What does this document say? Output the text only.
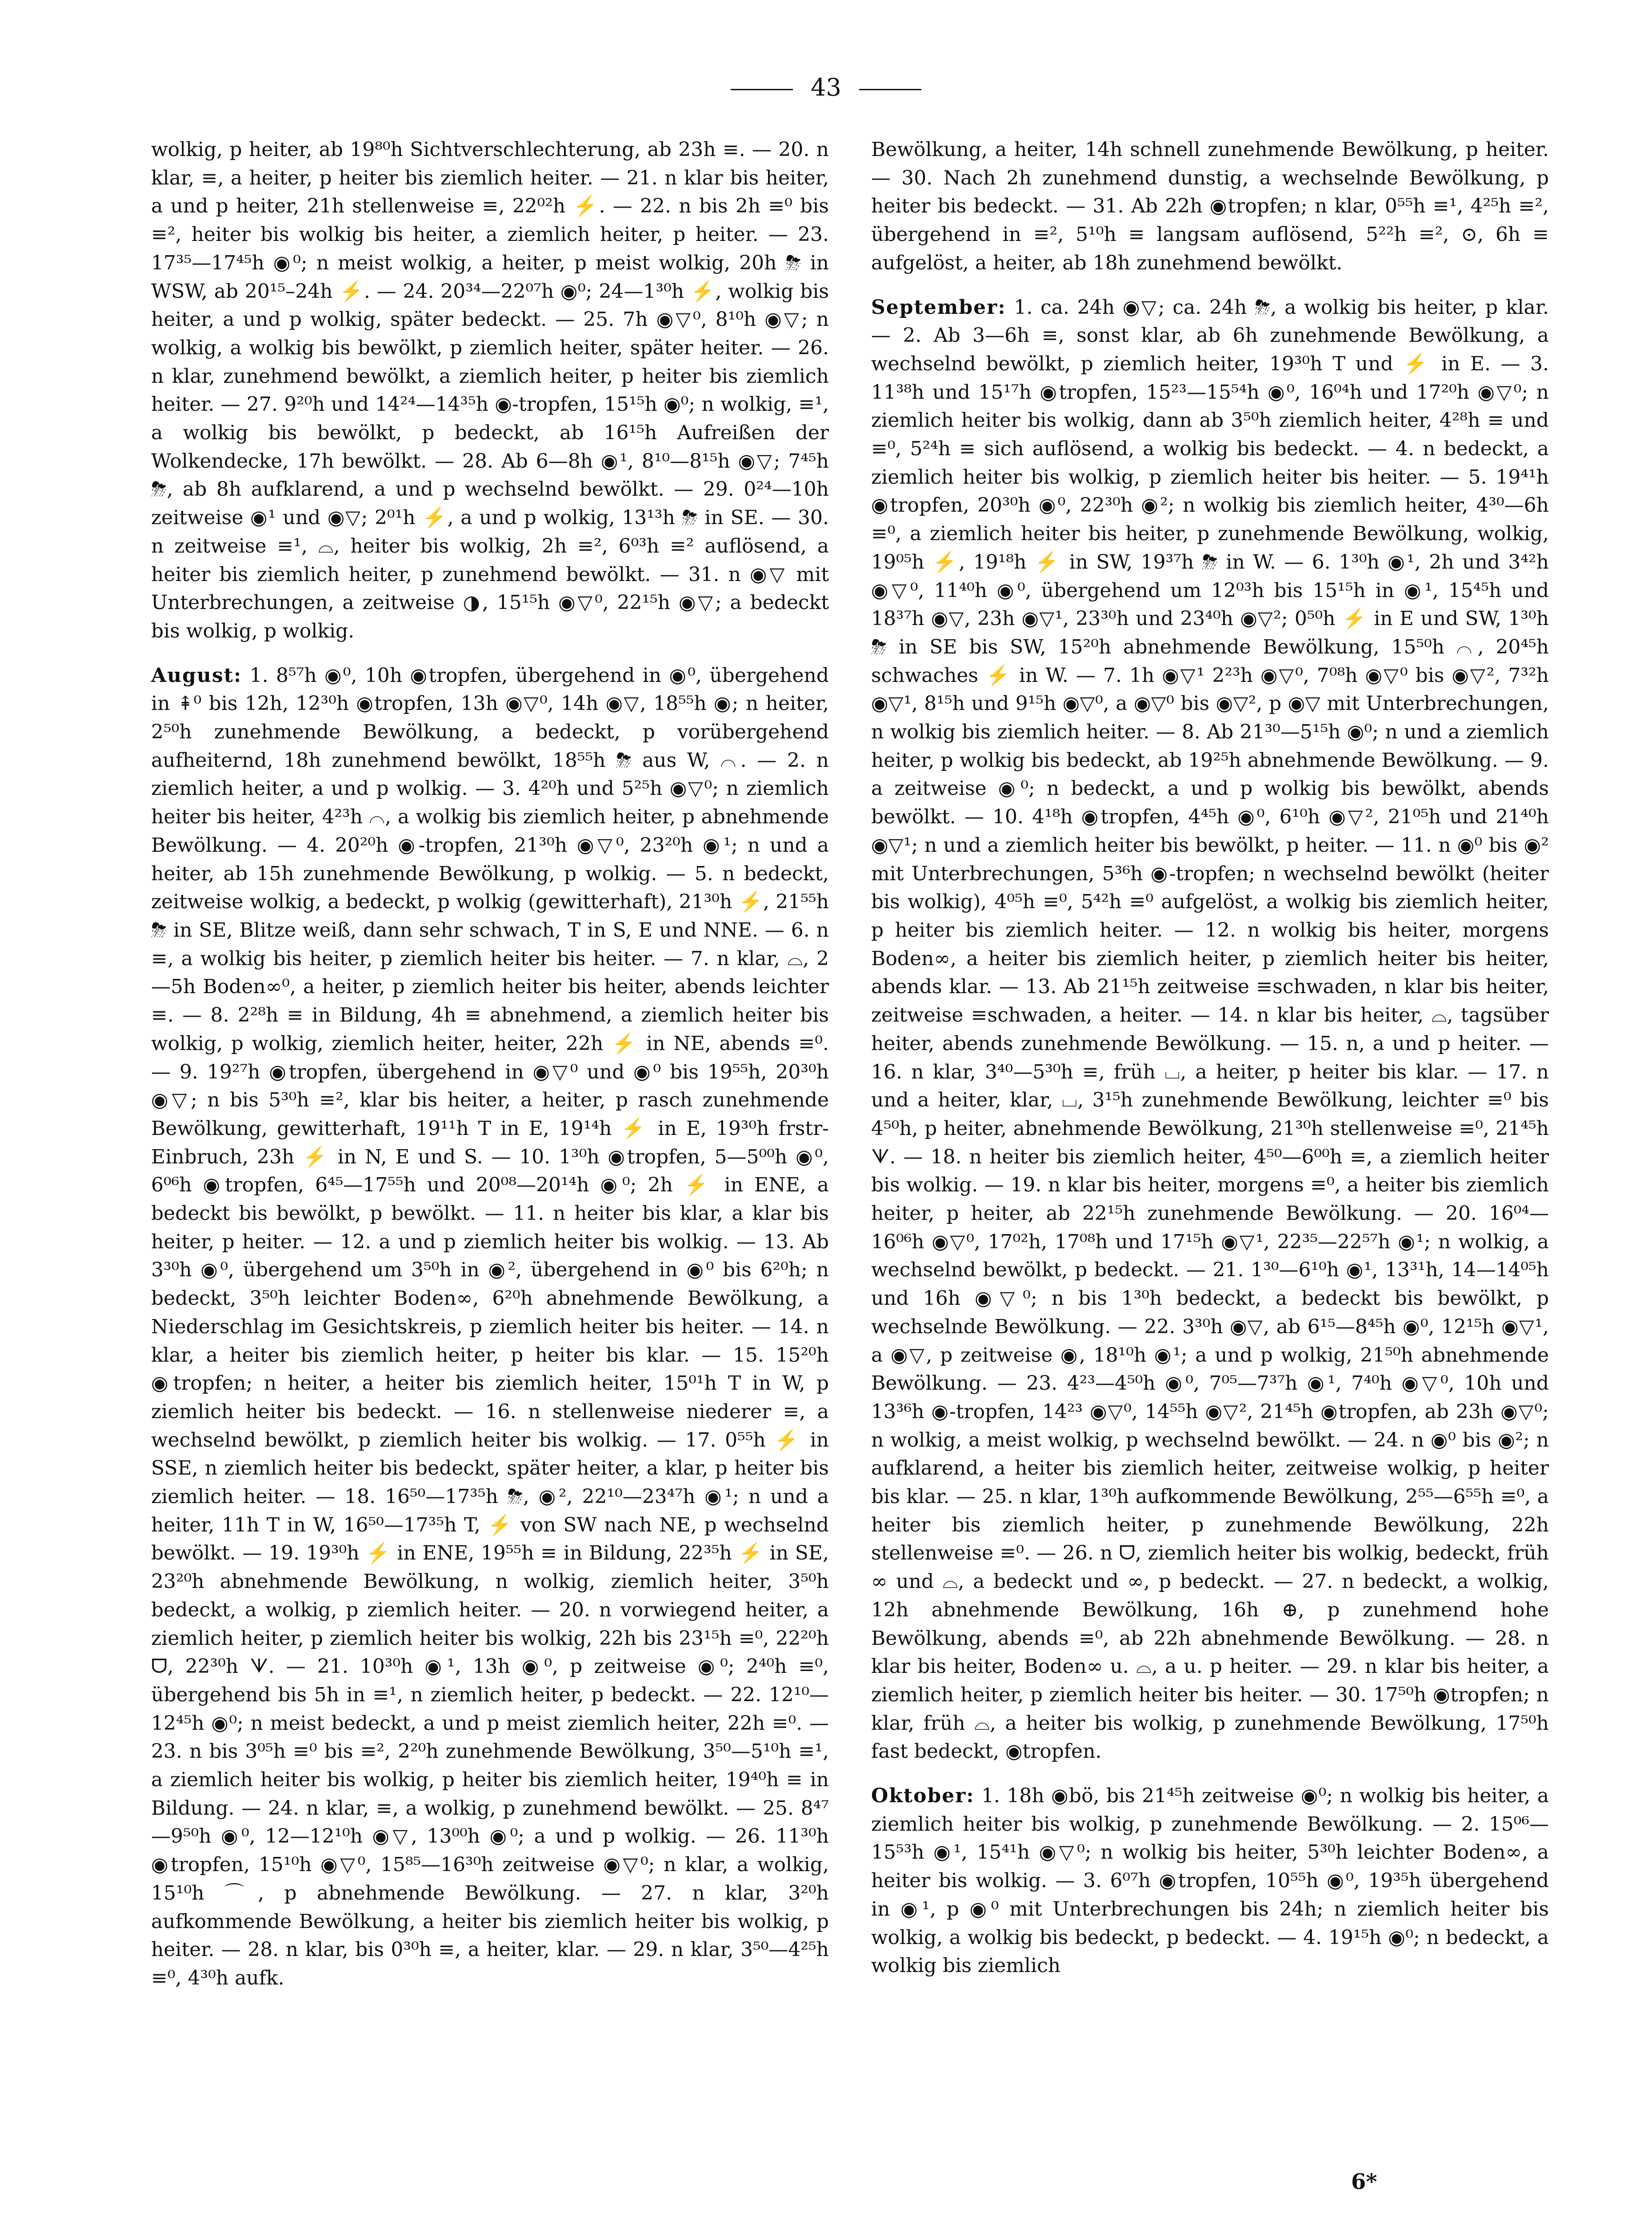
43

wolkig, p heiter, ab 19⁸⁰h Sichtverschlechterung, ab 23h ≡. — 20. n klar, ≡, a heiter, p heiter bis ziemlich heiter. — 21. n klar bis heiter, a und p heiter, 21h stellenweise ≡, 22⁰²h ⚡. — 22. n bis 2h ≡⁰ bis ≡², heiter bis wolkig bis heiter, a ziemlich heiter, p heiter. — 23. 17³⁵—17⁴⁵h ◉⁰; n meist wolkig, a heiter, p meist wolkig, 20h ⛈ in WSW, ab 20¹⁵–24h ⚡. — 24. 20³⁴—22⁰⁷h ◉⁰; 24—1³⁰h ⚡, wolkig bis heiter, a und p wolkig, später bedeckt. — 25. 7h ◉▽⁰, 8¹⁰h ◉▽; n wolkig, a wolkig bis bewölkt, p ziemlich heiter, später heiter. — 26. n klar, zunehmend bewölkt, a ziemlich heiter, p heiter bis ziemlich heiter. — 27. 9²⁰h und 14²⁴—14³⁵h ◉-tropfen, 15¹⁵h ◉⁰; n wolkig, ≡¹, a wolkig bis bewölkt, p bedeckt, ab 16¹⁵h Aufreißen der Wolkendecke, 17h bewölkt. — 28. Ab 6—8h ◉¹, 8¹⁰—8¹⁵h ◉▽; 7⁴⁵h ⛈, ab 8h aufklarend, a und p wechselnd bewölkt. — 29. 0²⁴—10h zeitweise ◉¹ und ◉▽; 2⁰¹h ⚡, a und p wolkig, 13¹³h ⛈ in SE. — 30. n zeitweise ≡¹, ⌓, heiter bis wolkig, 2h ≡², 6⁰³h ≡² auflösend, a heiter bis ziemlich heiter, p zunehmend bewölkt. — 31. n ◉▽ mit Unterbrechungen, a zeitweise ◑, 15¹⁵h ◉▽⁰, 22¹⁵h ◉▽; a bedeckt bis wolkig, p wolkig.

August: 1. 8⁵⁷h ◉⁰, 10h ◉tropfen, übergehend in ◉⁰, übergehend in ⇞⁰ bis 12h, 12³⁰h ◉tropfen, 13h ◉▽⁰, 14h ◉▽, 18⁵⁵h ◉; n heiter, 2⁵⁰h zunehmende Bewölkung, a bedeckt, p vorübergehend aufheiternd, 18h zunehmend bewölkt, 18⁵⁵h ⛈ aus W, ⌒. — 2. n ziemlich heiter, a und p wolkig. — 3. 4²⁰h und 5²⁵h ◉▽⁰; n ziemlich heiter bis heiter, 4²³h ⌒, a wolkig bis ziemlich heiter, p abnehmende Bewölkung. — 4. 20²⁰h ◉-tropfen, 21³⁰h ◉▽⁰, 23²⁰h ◉¹; n und a heiter, ab 15h zunehmende Bewölkung, p wolkig. — 5. n bedeckt, zeitweise wolkig, a bedeckt, p wolkig (gewitterhaft), 21³⁰h ⚡, 21⁵⁵h ⛈ in SE, Blitze weiß, dann sehr schwach, T in S, E und NNE. — 6. n ≡, a wolkig bis heiter, p ziemlich heiter bis heiter. — 7. n klar, ⌓, 2—5h Boden∞⁰, a heiter, p ziemlich heiter bis heiter, abends leichter ≡. — 8. 2²⁸h ≡ in Bildung, 4h ≡ abnehmend, a ziemlich heiter bis wolkig, p wolkig, ziemlich heiter, heiter, 22h ⚡ in NE, abends ≡⁰. — 9. 19²⁷h ◉tropfen, übergehend in ◉▽⁰ und ◉⁰ bis 19⁵⁵h, 20³⁰h ◉▽; n bis 5³⁰h ≡², klar bis heiter, a heiter, p rasch zunehmende Bewölkung, gewitterhaft, 19¹¹h T in E, 19¹⁴h ⚡ in E, 19³⁰h frstr-Einbruch, 23h ⚡ in N, E und S. — 10. 1³⁰h ◉tropfen, 5—5⁰⁰h ◉⁰, 6⁰⁶h ◉tropfen, 6⁴⁵—17⁵⁵h und 20⁰⁸—20¹⁴h ◉⁰; 2h ⚡ in ENE, a bedeckt bis bewölkt, p bewölkt. — 11. n heiter bis klar, a klar bis heiter, p heiter. — 12. a und p ziemlich heiter bis wolkig. — 13. Ab 3³⁰h ◉⁰, übergehend um 3⁵⁰h in ◉², übergehend in ◉⁰ bis 6²⁰h; n bedeckt, 3⁵⁰h leichter Boden∞, 6²⁰h abnehmende Bewölkung, a Niederschlag im Gesichtskreis, p ziemlich heiter bis heiter. — 14. n klar, a heiter bis ziemlich heiter, p heiter bis klar. — 15. 15²⁰h ◉tropfen; n heiter, a heiter bis ziemlich heiter, 15⁰¹h T in W, p ziemlich heiter bis bedeckt. — 16. n stellenweise niederer ≡, a wechselnd bewölkt, p ziemlich heiter bis wolkig. — 17. 0⁵⁵h ⚡ in SSE, n ziemlich heiter bis bedeckt, später heiter, a klar, p heiter bis ziemlich heiter. — 18. 16⁵⁰—17³⁵h ⛈, ◉², 22¹⁰—23⁴⁷h ◉¹; n und a heiter, 11h T in W, 16⁵⁰—17³⁵h T, ⚡ von SW nach NE, p wechselnd bewölkt. — 19. 19³⁰h ⚡ in ENE, 19⁵⁵h ≡ in Bildung, 22³⁵h ⚡ in SE, 23²⁰h abnehmende Bewölkung, n wolkig, ziemlich heiter, 3⁵⁰h bedeckt, a wolkig, p ziemlich heiter. — 20. n vorwiegend heiter, a ziemlich heiter, p ziemlich heiter bis wolkig, 22h bis 23¹⁵h ≡⁰, 22²⁰h ᗜ, 22³⁰h ᗐ. — 21. 10³⁰h ◉¹, 13h ◉⁰, p zeitweise ◉⁰; 2⁴⁰h ≡⁰, übergehend bis 5h in ≡¹, n ziemlich heiter, p bedeckt. — 22. 12¹⁰—12⁴⁵h ◉⁰; n meist bedeckt, a und p meist ziemlich heiter, 22h ≡⁰. — 23. n bis 3⁰⁵h ≡⁰ bis ≡², 2²⁰h zunehmende Bewölkung, 3⁵⁰—5¹⁰h ≡¹, a ziemlich heiter bis wolkig, p heiter bis ziemlich heiter, 19⁴⁰h ≡ in Bildung. — 24. n klar, ≡, a wolkig, p zunehmend bewölkt. — 25. 8⁴⁷—9⁵⁰h ◉⁰, 12—12¹⁰h ◉▽, 13⁰⁰h ◉⁰; a und p wolkig. — 26. 11³⁰h ◉tropfen, 15¹⁰h ◉▽⁰, 15⁸⁵—16³⁰h zeitweise ◉▽⁰; n klar, a wolkig, 15¹⁰h ⌒, p abnehmende Bewölkung. — 27. n klar, 3²⁰h aufkommende Bewölkung, a heiter bis ziemlich heiter bis wolkig, p heiter. — 28. n klar, bis 0³⁰h ≡, a heiter, klar. — 29. n klar, 3⁵⁰—4²⁵h ≡⁰, 4³⁰h aufk.

Bewölkung, a heiter, 14h schnell zunehmende Bewölkung, p heiter. — 30. Nach 2h zunehmend dunstig, a wechselnde Bewölkung, p heiter bis bedeckt. — 31. Ab 22h ◉tropfen; n klar, 0⁵⁵h ≡¹, 4²⁵h ≡², übergehend in ≡², 5¹⁰h ≡ langsam auflösend, 5²²h ≡², ⊙, 6h ≡ aufgelöst, a heiter, ab 18h zunehmend bewölkt.

September: 1. ca. 24h ◉▽; ca. 24h ⛈, a wolkig bis heiter, p klar. — 2. Ab 3—6h ≡, sonst klar, ab 6h zunehmende Bewölkung, a wechselnd bewölkt, p ziemlich heiter, 19³⁰h T und ⚡ in E. — 3. 11³⁸h und 15¹⁷h ◉tropfen, 15²³—15⁵⁴h ◉⁰, 16⁰⁴h und 17²⁰h ◉▽⁰; n ziemlich heiter bis wolkig, dann ab 3⁵⁰h ziemlich heiter, 4²⁸h ≡ und ≡⁰, 5²⁴h ≡ sich auflösend, a wolkig bis bedeckt. — 4. n bedeckt, a ziemlich heiter bis wolkig, p ziemlich heiter bis heiter. — 5. 19⁴¹h ◉tropfen, 20³⁰h ◉⁰, 22³⁰h ◉²; n wolkig bis ziemlich heiter, 4³⁰—6h ≡⁰, a ziemlich heiter bis heiter, p zunehmende Bewölkung, wolkig, 19⁰⁵h ⚡, 19¹⁸h ⚡ in SW, 19³⁷h ⛈ in W. — 6. 1³⁰h ◉¹, 2h und 3⁴²h ◉▽⁰, 11⁴⁰h ◉⁰, übergehend um 12⁰³h bis 15¹⁵h in ◉¹, 15⁴⁵h und 18³⁷h ◉▽, 23h ◉▽¹, 23³⁰h und 23⁴⁰h ◉▽²; 0⁵⁰h ⚡ in E und SW, 1³⁰h ⛈ in SE bis SW, 15²⁰h abnehmende Bewölkung, 15⁵⁰h ⌒, 20⁴⁵h schwaches ⚡ in W. — 7. 1h ◉▽¹ 2²³h ◉▽⁰, 7⁰⁸h ◉▽⁰ bis ◉▽², 7³²h ◉▽¹, 8¹⁵h und 9¹⁵h ◉▽⁰, a ◉▽⁰ bis ◉▽², p ◉▽ mit Unterbrechungen, n wolkig bis ziemlich heiter. — 8. Ab 21³⁰—5¹⁵h ◉⁰; n und a ziemlich heiter, p wolkig bis bedeckt, ab 19²⁵h abnehmende Bewölkung. — 9. a zeitweise ◉⁰; n bedeckt, a und p wolkig bis bewölkt, abends bewölkt. — 10. 4¹⁸h ◉tropfen, 4⁴⁵h ◉⁰, 6¹⁰h ◉▽², 21⁰⁵h und 21⁴⁰h ◉▽¹; n und a ziemlich heiter bis bewölkt, p heiter. — 11. n ◉⁰ bis ◉² mit Unterbrechungen, 5³⁶h ◉-tropfen; n wechselnd bewölkt (heiter bis wolkig), 4⁰⁵h ≡⁰, 5⁴²h ≡⁰ aufgelöst, a wolkig bis ziemlich heiter, p heiter bis ziemlich heiter. — 12. n wolkig bis heiter, morgens Boden∞, a heiter bis ziemlich heiter, p ziemlich heiter bis heiter, abends klar. — 13. Ab 21¹⁵h zeitweise ≡schwaden, n klar bis heiter, zeitweise ≡schwaden, a heiter. — 14. n klar bis heiter, ⌓, tagsüber heiter, abends zunehmende Bewölkung. — 15. n, a und p heiter. — 16. n klar, 3⁴⁰—5³⁰h ≡, früh ⌴, a heiter, p heiter bis klar. — 17. n und a heiter, klar, ⌴, 3¹⁵h zunehmende Bewölkung, leichter ≡⁰ bis 4⁵⁰h, p heiter, abnehmende Bewölkung, 21³⁰h stellenweise ≡⁰, 21⁴⁵h ᗐ. — 18. n heiter bis ziemlich heiter, 4⁵⁰—6⁰⁰h ≡, a ziemlich heiter bis wolkig. — 19. n klar bis heiter, morgens ≡⁰, a heiter bis ziemlich heiter, p heiter, ab 22¹⁵h zunehmende Bewölkung. — 20. 16⁰⁴—16⁰⁶h ◉▽⁰, 17⁰²h, 17⁰⁸h und 17¹⁵h ◉▽¹, 22³⁵—22⁵⁷h ◉¹; n wolkig, a wechselnd bewölkt, p bedeckt. — 21. 1³⁰—6¹⁰h ◉¹, 13³¹h, 14—14⁰⁵h und 16h ◉▽⁰; n bis 1³⁰h bedeckt, a bedeckt bis bewölkt, p wechselnde Bewölkung. — 22. 3³⁰h ◉▽, ab 6¹⁵—8⁴⁵h ◉⁰, 12¹⁵h ◉▽¹, a ◉▽, p zeitweise ◉, 18¹⁰h ◉¹; a und p wolkig, 21⁵⁰h abnehmende Bewölkung. — 23. 4²³—4⁵⁰h ◉⁰, 7⁰⁵—7³⁷h ◉¹, 7⁴⁰h ◉▽⁰, 10h und 13³⁶h ◉-tropfen, 14²³ ◉▽⁰, 14⁵⁵h ◉▽², 21⁴⁵h ◉tropfen, ab 23h ◉▽⁰; n wolkig, a meist wolkig, p wechselnd bewölkt. — 24. n ◉⁰ bis ◉²; n aufklarend, a heiter bis ziemlich heiter, zeitweise wolkig, p heiter bis klar. — 25. n klar, 1³⁰h aufkommende Bewölkung, 2⁵⁵—6⁵⁵h ≡⁰, a heiter bis ziemlich heiter, p zunehmende Bewölkung, 22h stellenweise ≡⁰. — 26. n ᗜ, ziemlich heiter bis wolkig, bedeckt, früh ∞ und ⌓, a bedeckt und ∞, p bedeckt. — 27. n bedeckt, a wolkig, 12h abnehmende Bewölkung, 16h ⊕, p zunehmend hohe Bewölkung, abends ≡⁰, ab 22h abnehmende Bewölkung. — 28. n klar bis heiter, Boden∞ u. ⌓, a u. p heiter. — 29. n klar bis heiter, a ziemlich heiter, p ziemlich heiter bis heiter. — 30. 17⁵⁰h ◉tropfen; n klar, früh ⌓, a heiter bis wolkig, p zunehmende Bewölkung, 17⁵⁰h fast bedeckt, ◉tropfen.

Oktober: 1. 18h ◉bö, bis 21⁴⁵h zeitweise ◉⁰; n wolkig bis heiter, a ziemlich heiter bis wolkig, p zunehmende Bewölkung. — 2. 15⁰⁶—15⁵³h ◉¹, 15⁴¹h ◉▽⁰; n wolkig bis heiter, 5³⁰h leichter Boden∞, a heiter bis wolkig. — 3. 6⁰⁷h ◉tropfen, 10⁵⁵h ◉⁰, 19³⁵h übergehend in ◉¹, p ◉⁰ mit Unterbrechungen bis 24h; n ziemlich heiter bis wolkig, a wolkig bis bedeckt, p bedeckt. — 4. 19¹⁵h ◉⁰; n bedeckt, a wolkig bis ziemlich

6*
